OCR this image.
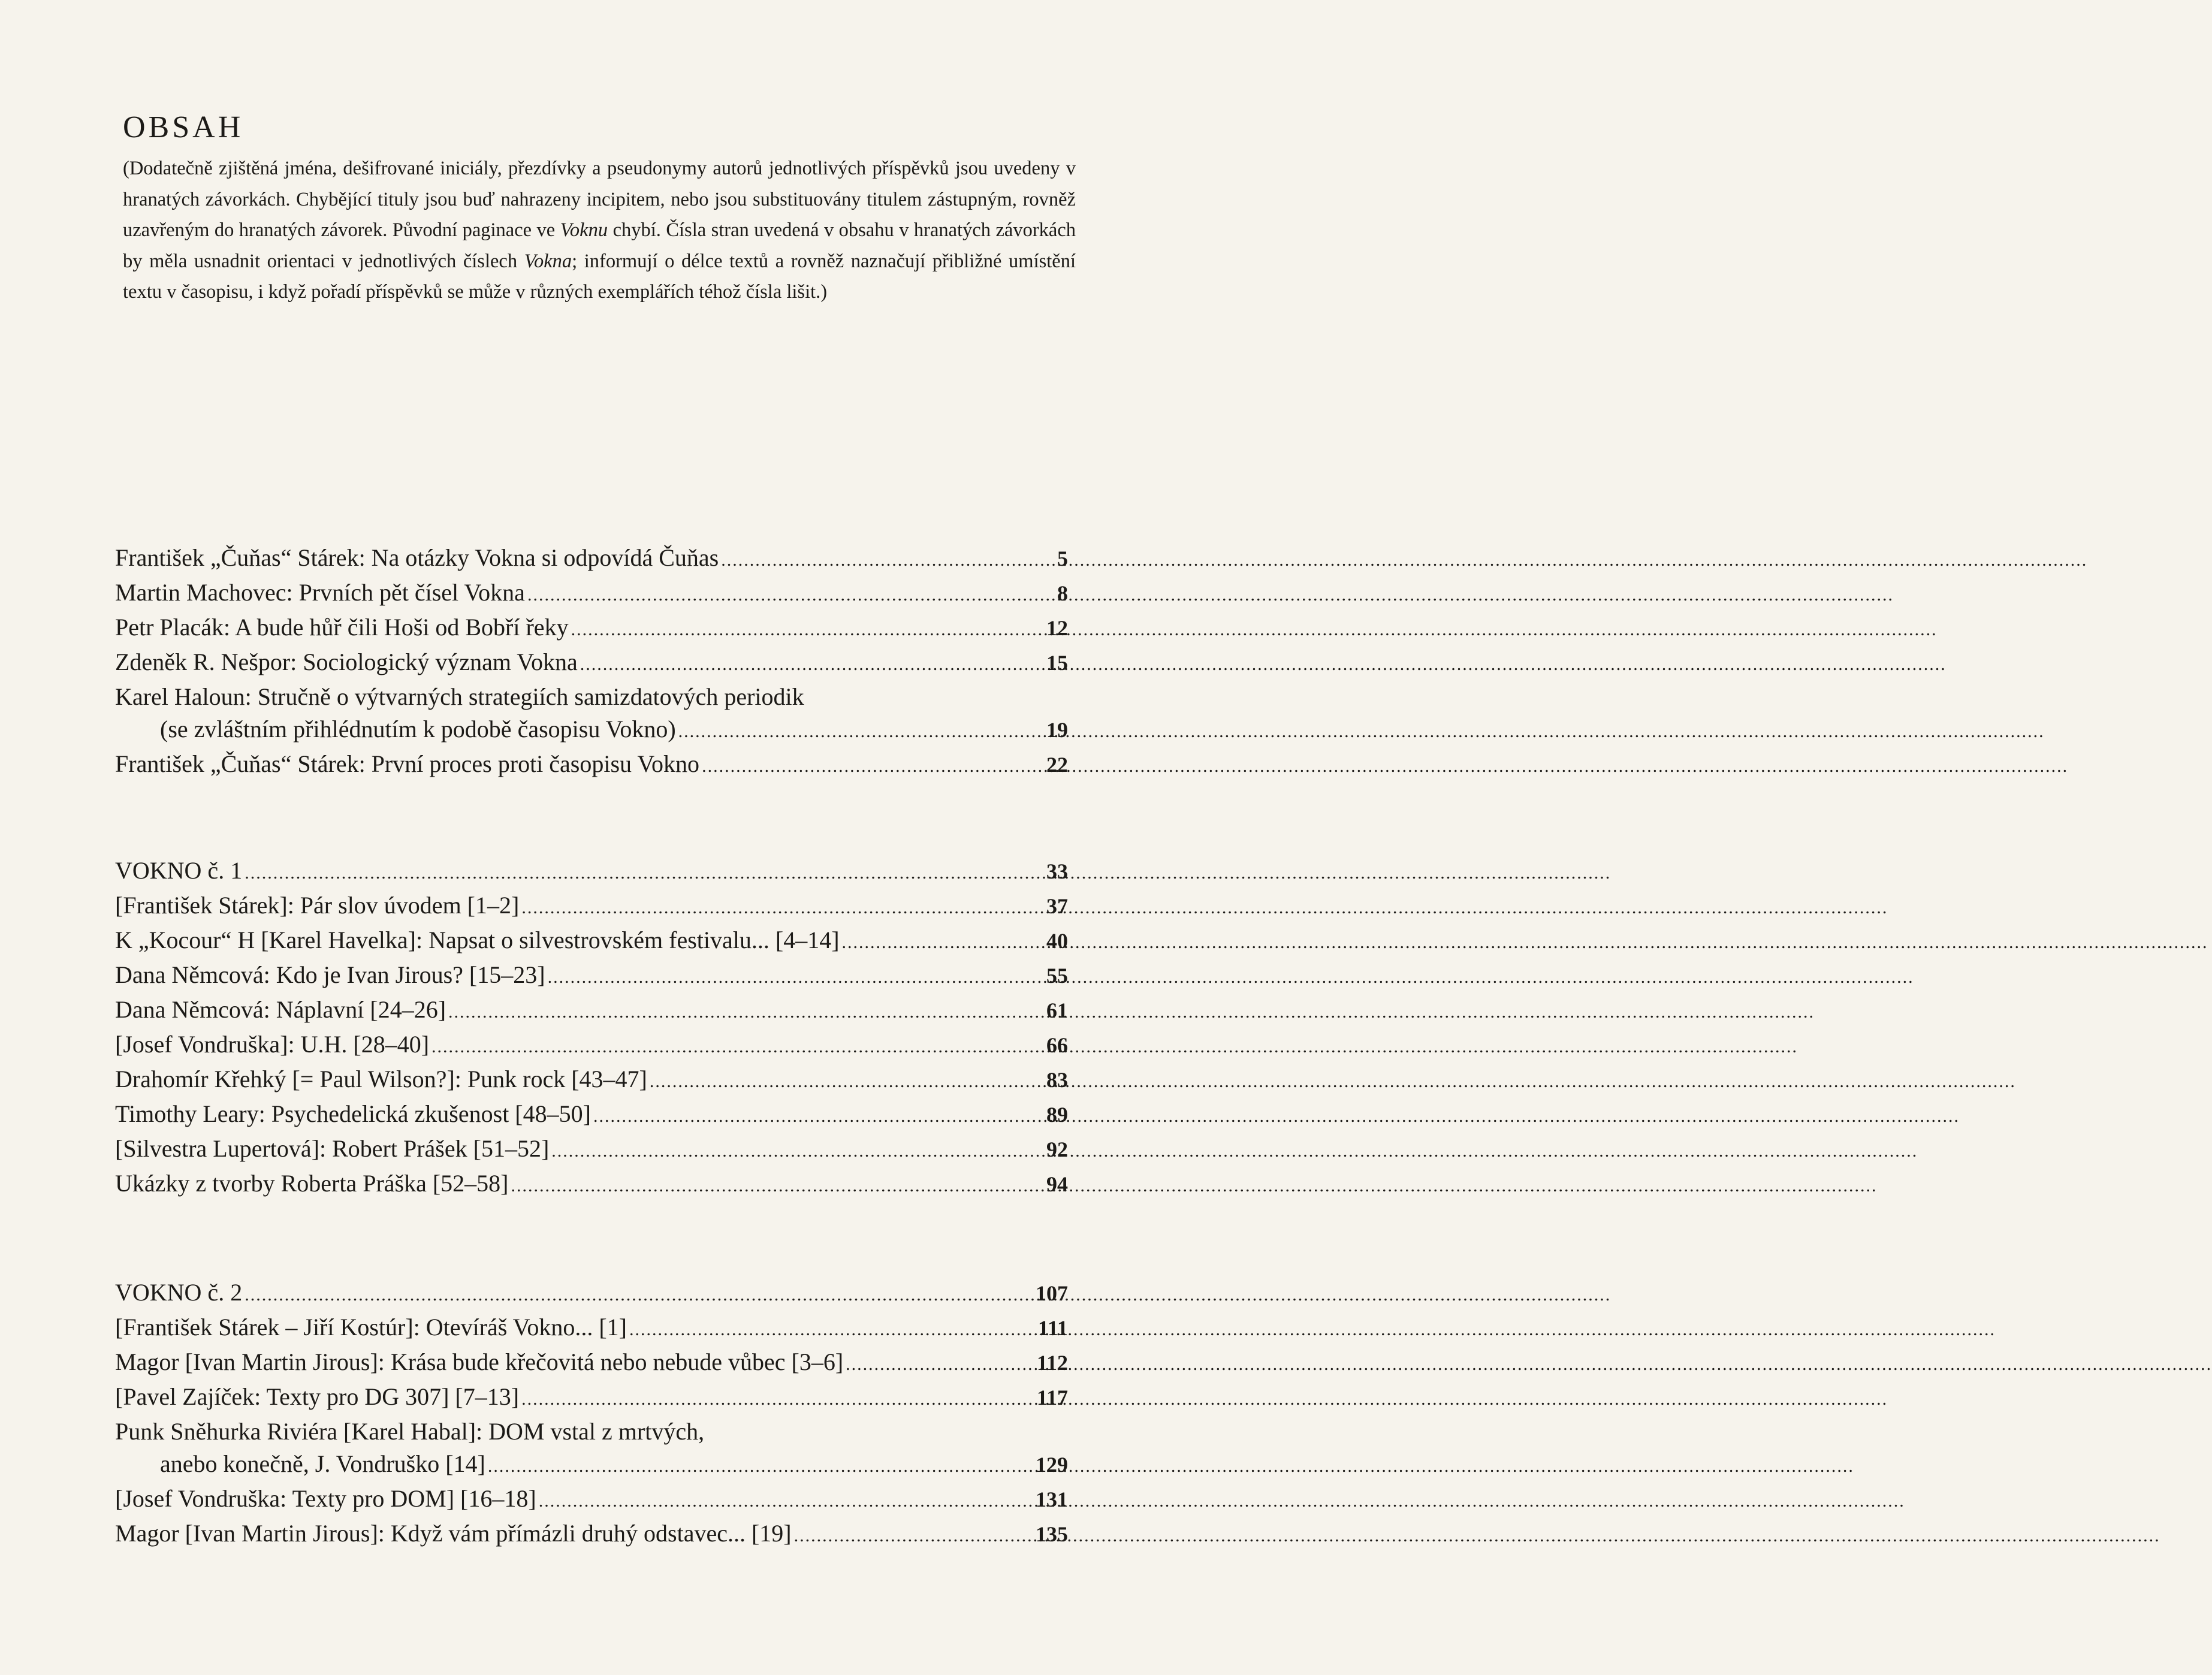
OBSAH

(Dodatečně zjištěná jména, dešifrované iniciály, přezdívky a pseudonymy autorů jednotlivých příspěvků jsou uvedeny v hranatých závorkách. Chybějící tituly jsou buď nahrazeny incipitem, nebo jsou substituovány titulem zástupným, rovněž uzavřeným do hranatých závorek. Původní paginace ve Voknu chybí. Čísla stran uvedená v obsahu v hranatých závorkách by měla usnadnit orientaci v jednotlivých číslech Vokna; informují o délce textů a rovněž naznačují přibližné umístění textu v časopisu, i když pořadí příspěvků se může v různých exemplářích téhož čísla lišit.)

František „Čuňas“ Stárek: Na otázky Vokna si odpovídá Čuňas .....	5
Martin Machovec: Prvních pět čísel Vokna .....	8
Petr Placák: A bude hůř čili Hoši od Bobří řeky .....	12
Zdeněk R. Nešpor: Sociologický význam Vokna .....	15
Karel Haloun: Stručně o výtvarných strategiích samizdatových periodik
(se zvláštním přihlédnutím k podobě časopisu Vokno) .....	19
František „Čuňas“ Stárek: První proces proti časopisu Vokno .....	22
VOKNO č. 1 .....	33
[František Stárek]: Pár slov úvodem [1–2] .....	37
K „Kocour“ H [Karel Havelka]: Napsat o silvestrovském festivalu... [4–14] .....	40
Dana Němcová: Kdo je Ivan Jirous? [15–23] .....	55
Dana Němcová: Náplavní [24–26] .....	61
[Josef Vondruška]: U.H. [28–40] .....	66
Drahomír Křehký [= Paul Wilson?]: Punk rock [43–47] .....	83
Timothy Leary: Psychedelická zkušenost [48–50] .....	89
[Silvestra Lupertová]: Robert Prášek [51–52] .....	92
Ukázky z tvorby Roberta Práška [52–58] .....	94
VOKNO č. 2 .....	107
[František Stárek – Jiří Kostúr]: Otevíráš Vokno... [1] .....	111
Magor [Ivan Martin Jirous]: Krása bude křečovitá nebo nebude vůbec [3–6] .....	112
[Pavel Zajíček: Texty pro DG 307] [7–13] .....	117
Punk Sněhurka Riviéra [Karel Habal]: DOM vstal z mrtvých,
anebo konečně, J. Vondruško [14] .....	129
[Josef Vondruška: Texty pro DOM] [16–18] .....	131
Magor [Ivan Martin Jirous]: Když vám přímázli druhý odstavec... [19] .....	135
